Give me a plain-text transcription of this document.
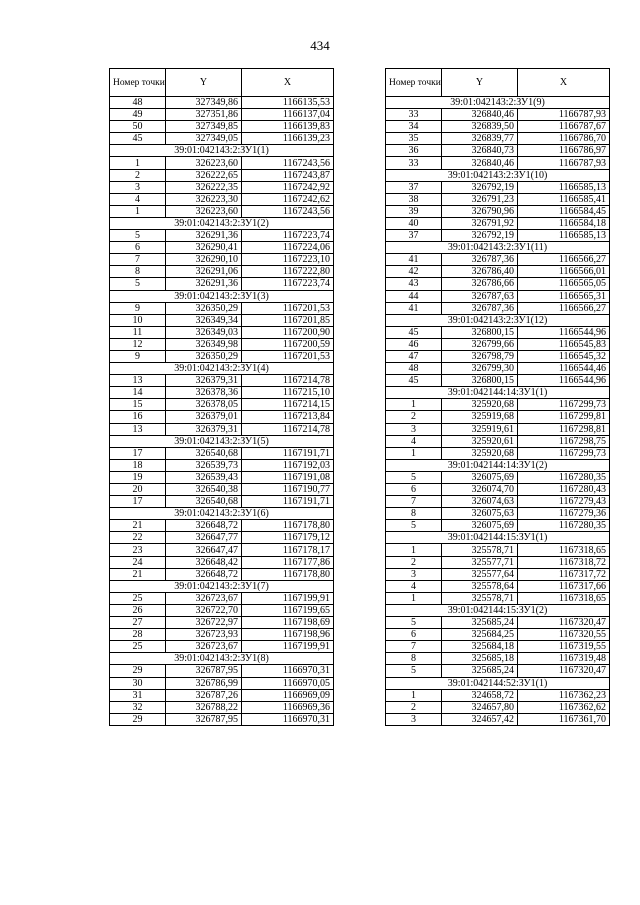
434
Номер точки	Y	X
48	327349,86	1166135,53
49	327351,86	1166137,04
50	327349,85	1166139,83
45	327349,05	1166139,23
39:01:042143:2:ЗУ1(1)		
1	326223,60	1167243,56
2	326222,65	1167243,87
3	326222,35	1167242,92
4	326223,30	1167242,62
1	326223,60	1167243,56
39:01:042143:2:ЗУ1(2)		
5	326291,36	1167223,74
6	326290,41	1167224,06
7	326290,10	1167223,10
8	326291,06	1167222,80
5	326291,36	1167223,74
39:01:042143:2:ЗУ1(3)		
9	326350,29	1167201,53
10	326349,34	1167201,85
11	326349,03	1167200,90
12	326349,98	1167200,59
9	326350,29	1167201,53
39:01:042143:2:ЗУ1(4)		
13	326379,31	1167214,78
14	326378,36	1167215,10
15	326378,05	1167214,15
16	326379,01	1167213,84
13	326379,31	1167214,78
39:01:042143:2:ЗУ1(5)		
17	326540,68	1167191,71
18	326539,73	1167192,03
19	326539,43	1167191,08
20	326540,38	1167190,77
17	326540,68	1167191,71
39:01:042143:2:ЗУ1(6)		
21	326648,72	1167178,80
22	326647,77	1167179,12
23	326647,47	1167178,17
24	326648,42	1167177,86
21	326648,72	1167178,80
39:01:042143:2:ЗУ1(7)		
25	326723,67	1167199,91
26	326722,70	1167199,65
27	326722,97	1167198,69
28	326723,93	1167198,96
25	326723,67	1167199,91
39:01:042143:2:ЗУ1(8)		
29	326787,95	1166970,31
30	326786,99	1166970,05
31	326787,26	1166969,09
32	326788,22	1166969,36
29	326787,95	1166970,31
Номер точки	Y	X
39:01:042143:2:ЗУ1(9)		
33	326840,46	1166787,93
34	326839,50	1166787,67
35	326839,77	1166786,70
36	326840,73	1166786,97
33	326840,46	1166787,93
39:01:042143:2:ЗУ1(10)		
37	326792,19	1166585,13
38	326791,23	1166585,41
39	326790,96	1166584,45
40	326791,92	1166584,18
37	326792,19	1166585,13
39:01:042143:2:ЗУ1(11)		
41	326787,36	1166566,27
42	326786,40	1166566,01
43	326786,66	1166565,05
44	326787,63	1166565,31
41	326787,36	1166566,27
39:01:042143:2:ЗУ1(12)		
45	326800,15	1166544,96
46	326799,66	1166545,83
47	326798,79	1166545,32
48	326799,30	1166544,46
45	326800,15	1166544,96
39:01:042144:14:ЗУ1(1)		
1	325920,68	1167299,73
2	325919,68	1167299,81
3	325919,61	1167298,81
4	325920,61	1167298,75
1	325920,68	1167299,73
39:01:042144:14:ЗУ1(2)		
5	326075,69	1167280,35
6	326074,70	1167280,43
7	326074,63	1167279,43
8	326075,63	1167279,36
5	326075,69	1167280,35
39:01:042144:15:ЗУ1(1)		
1	325578,71	1167318,65
2	325577,71	1167318,72
3	325577,64	1167317,72
4	325578,64	1167317,66
1	325578,71	1167318,65
39:01:042144:15:ЗУ1(2)		
5	325685,24	1167320,47
6	325684,25	1167320,55
7	325684,18	1167319,55
8	325685,18	1167319,48
5	325685,24	1167320,47
39:01:042144:52:ЗУ1(1)		
1	324658,72	1167362,23
2	324657,80	1167362,62
3	324657,42	1167361,70
